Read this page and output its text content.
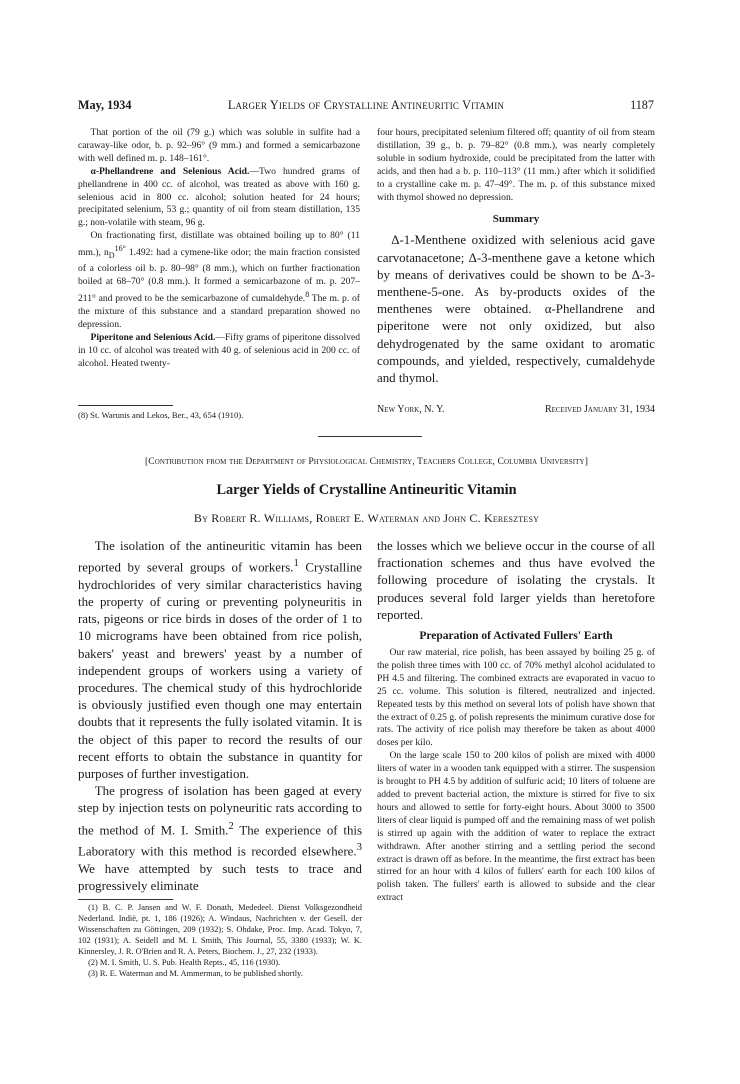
May, 1934	Larger Yields of Crystalline Antineuritic Vitamin	1187

That portion of the oil (79 g.) which was soluble in sulfite had a caraway-like odor, b. p. 92–96° (9 mm.) and formed a semicarbazone with well defined m. p. 148–161°.

α-Phellandrene and Selenious Acid.—Two hundred grams of phellandrene in 400 cc. of alcohol, was treated as above with 160 g. selenious acid in 800 cc. alcohol; solution heated for 24 hours; precipitated selenium, 53 g.; quantity of oil from steam distillation, 135 g.; non-volatile with steam, 96 g.

On fractionating first, distillate was obtained boiling up to 80° (11 mm.), $n_D^{16^\circ}$ 1.492: had a cymene-like odor; the main fraction consisted of a colorless oil b. p. 80–98° (8 mm.), which on further fractionation boiled at 68–70° (0.8 mm.). It formed a semicarbazone of m. p. 207–211° and proved to be the semicarbazone of cumaldehyde.$^8$ The m. p. of the mixture of this substance and a standard preparation showed no depression.

Piperitone and Selenious Acid.—Fifty grams of piperitone dissolved in 10 cc. of alcohol was treated with 40 g. of selenious acid in 200 cc. of alcohol. Heated twenty-

(8) St. Warunis and Lekos, Ber., 43, 654 (1910).

four hours, precipitated selenium filtered off; quantity of oil from steam distillation, 39 g., b. p. 79–82° (0.8 mm.), was nearly completely soluble in sodium hydroxide, could be precipitated from the latter with acids, and then had a b. p. 110–113° (11 mm.) after which it solidified to a crystalline cake m. p. 47–49°. The m. p. of this substance mixed with thymol showed no depression.

Summary

Δ-1-Menthene oxidized with selenious acid gave carvotanacetone; Δ-3-menthene gave a ketone which by means of derivatives could be shown to be Δ-3-menthene-5-one. As by-products oxides of the menthenes were obtained. α-Phellandrene and piperitone were not only oxidized, but also dehydrogenated by the same oxidant to aromatic compounds, and yielded, respectively, cumaldehyde and thymol.

New York, N. Y.	Received January 31, 1934
[Contribution from the Department of Physiological Chemistry, Teachers College, Columbia University]
Larger Yields of Crystalline Antineuritic Vitamin
By Robert R. Williams, Robert E. Waterman and John C. Keresztesy

The isolation of the antineuritic vitamin has been reported by several groups of workers.$^1$ Crystalline hydrochlorides of very similar characteristics having the property of curing or preventing polyneuritis in rats, pigeons or rice birds in doses of the order of 1 to 10 micrograms have been obtained from rice polish, bakers' yeast and brewers' yeast by a number of independent groups of workers using a variety of procedures. The chemical study of this hydrochloride is obviously justified even though one may entertain doubts that it represents the fully isolated vitamin. It is the object of this paper to record the results of our recent efforts to obtain the substance in quantity for purposes of further investigation.

The progress of isolation has been gaged at every step by injection tests on polyneuritic rats according to the method of M. I. Smith.$^2$ The experience of this Laboratory with this method is recorded elsewhere.$^3$ We have attempted by such tests to trace and progressively eliminate

(1) B. C. P. Jansen and W. F. Donath, Mededeel. Dienst Volksgezondheid Nederland. Indië, pt. 1, 186 (1926); A. Windaus, Nachrichten v. der Gesell. der Wissenschaften zu Göttingen, 209 (1932); S. Ohdake, Proc. Imp. Acad. Tokyo, 7, 102 (1931); A. Seidell and M. I. Smith, This Journal, 55, 3380 (1933); W. K. Kinnersley, J. R. O'Brien and R. A. Peters, Biochem. J., 27, 232 (1933).
(2) M. I. Smith, U. S. Pub. Health Repts., 45, 116 (1930).
(3) R. E. Waterman and M. Ammerman, to be published shortly.

the losses which we believe occur in the course of all fractionation schemes and thus have evolved the following procedure of isolating the crystals. It produces several fold larger yields than heretofore reported.

Preparation of Activated Fullers' Earth

Our raw material, rice polish, has been assayed by boiling 25 g. of the polish three times with 100 cc. of 70% methyl alcohol acidulated to PH 4.5 and filtering. The combined extracts are evaporated in vacuo to 25 cc. volume. This solution is filtered, neutralized and injected. Repeated tests by this method on several lots of polish have shown that the extract of 0.25 g. of polish represents the minimum curative dose for rats. The activity of rice polish may therefore be taken as about 4000 doses per kilo.

On the large scale 150 to 200 kilos of polish are mixed with 4000 liters of water in a wooden tank equipped with a stirrer. The suspension is brought to PH 4.5 by addition of sulfuric acid; 10 liters of toluene are added to prevent bacterial action, the mixture is stirred for five to six hours and allowed to settle for forty-eight hours. About 3000 to 3500 liters of clear liquid is pumped off and the remaining mass of wet polish is stirred up again with the addition of water to replace the extract withdrawn. After another stirring and a settling period the second extract is drawn off as before. In the meantime, the first extract has been stirred for an hour with 4 kilos of fullers' earth for each 100 kilos of polish taken. The fullers' earth is allowed to subside and the clear extract
